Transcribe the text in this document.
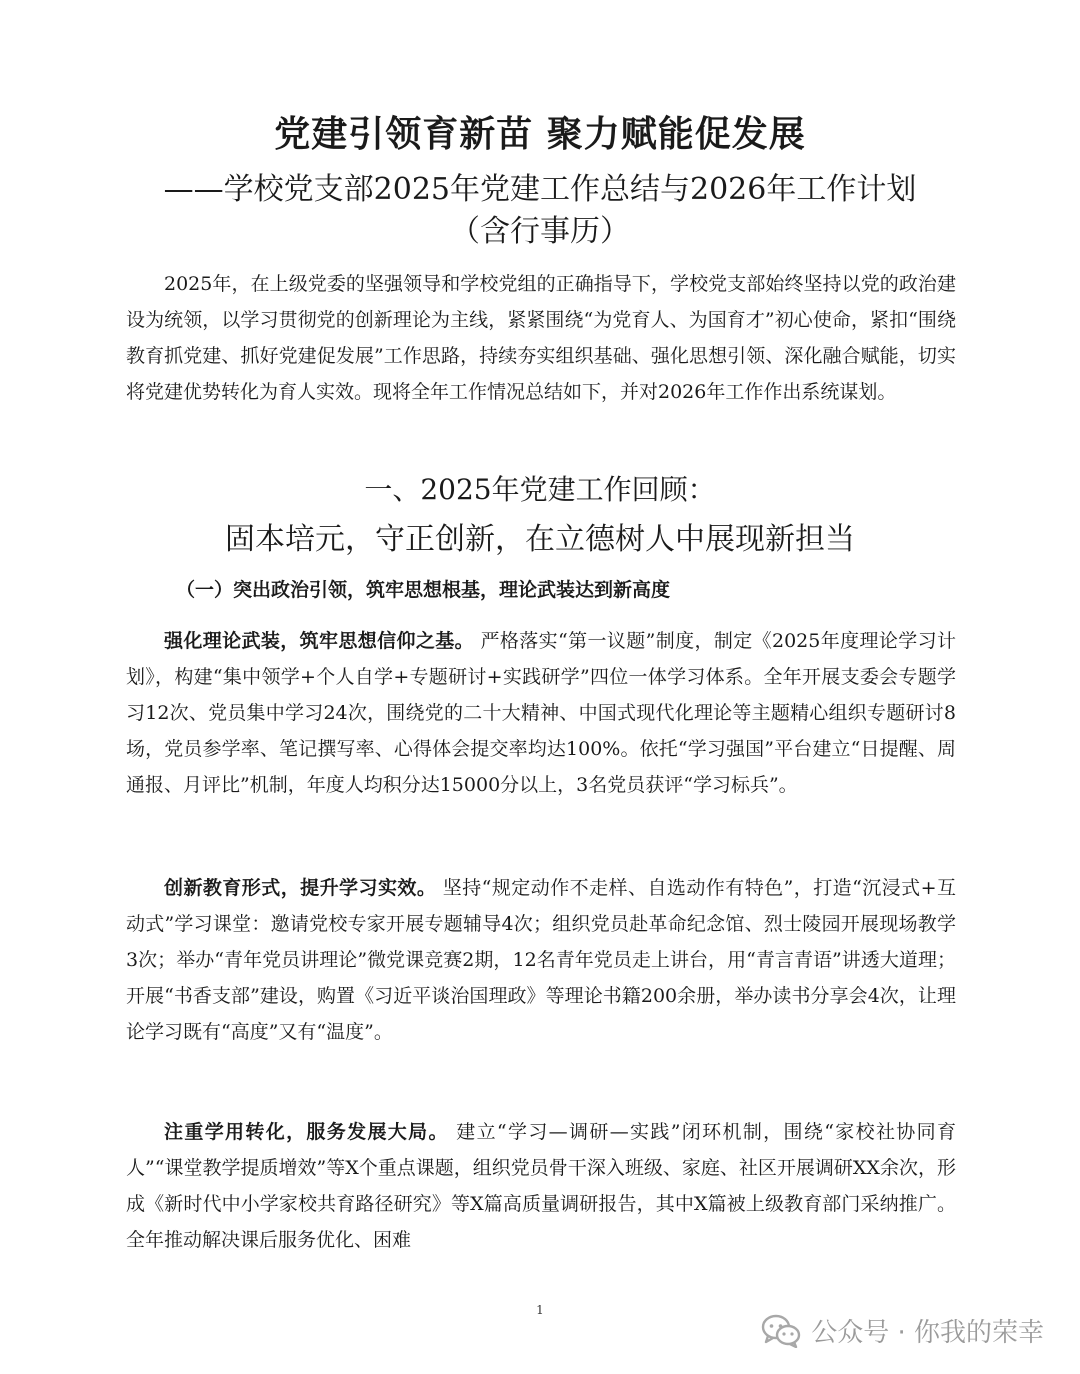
党建引领育新苗 聚力赋能促发展
——学校党支部2025年党建工作总结与2026年工作计划
（含行事历）

2025年，在上级党委的坚强领导和学校党组的正确指导下，学校党支部始终坚持以党的政治建设为统领，以学习贯彻党的创新理论为主线，紧紧围绕“为党育人、为国育才”初心使命，紧扣“围绕教育抓党建、抓好党建促发展”工作思路，持续夯实组织基础、强化思想引领、深化融合赋能，切实将党建优势转化为育人实效。现将全年工作情况总结如下，并对2026年工作作出系统谋划。

一、2025年党建工作回顾：
固本培元，守正创新，在立德树人中展现新担当
（一）突出政治引领，筑牢思想根基，理论武装达到新高度

强化理论武装，筑牢思想信仰之基。 严格落实“第一议题”制度，制定《2025年度理论学习计划》，构建“集中领学+个人自学+专题研讨+实践研学”四位一体学习体系。全年开展支委会专题学习12次、党员集中学习24次，围绕党的二十大精神、中国式现代化理论等主题精心组织专题研讨8场，党员参学率、笔记撰写率、心得体会提交率均达100%。依托“学习强国”平台建立“日提醒、周通报、月评比”机制，年度人均积分达15000分以上，3名党员获评“学习标兵”。

创新教育形式，提升学习实效。 坚持“规定动作不走样、自选动作有特色”，打造“沉浸式+互动式”学习课堂：邀请党校专家开展专题辅导4次；组织党员赴革命纪念馆、烈士陵园开展现场教学3次；举办“青年党员讲理论”微党课竞赛2期，12名青年党员走上讲台，用“青言青语”讲透大道理；开展“书香支部”建设，购置《习近平谈治国理政》等理论书籍200余册，举办读书分享会4次，让理论学习既有“高度”又有“温度”。

注重学用转化，服务发展大局。 建立“学习—调研—实践”闭环机制，围绕“家校社协同育人”“课堂教学提质增效”等X个重点课题，组织党员骨干深入班级、家庭、社区开展调研XX余次，形成《新时代中小学家校共育路径研究》等X篇高质量调研报告，其中X篇被上级教育部门采纳推广。全年推动解决课后服务优化、困难

1
公众号 · 你我的荣幸
